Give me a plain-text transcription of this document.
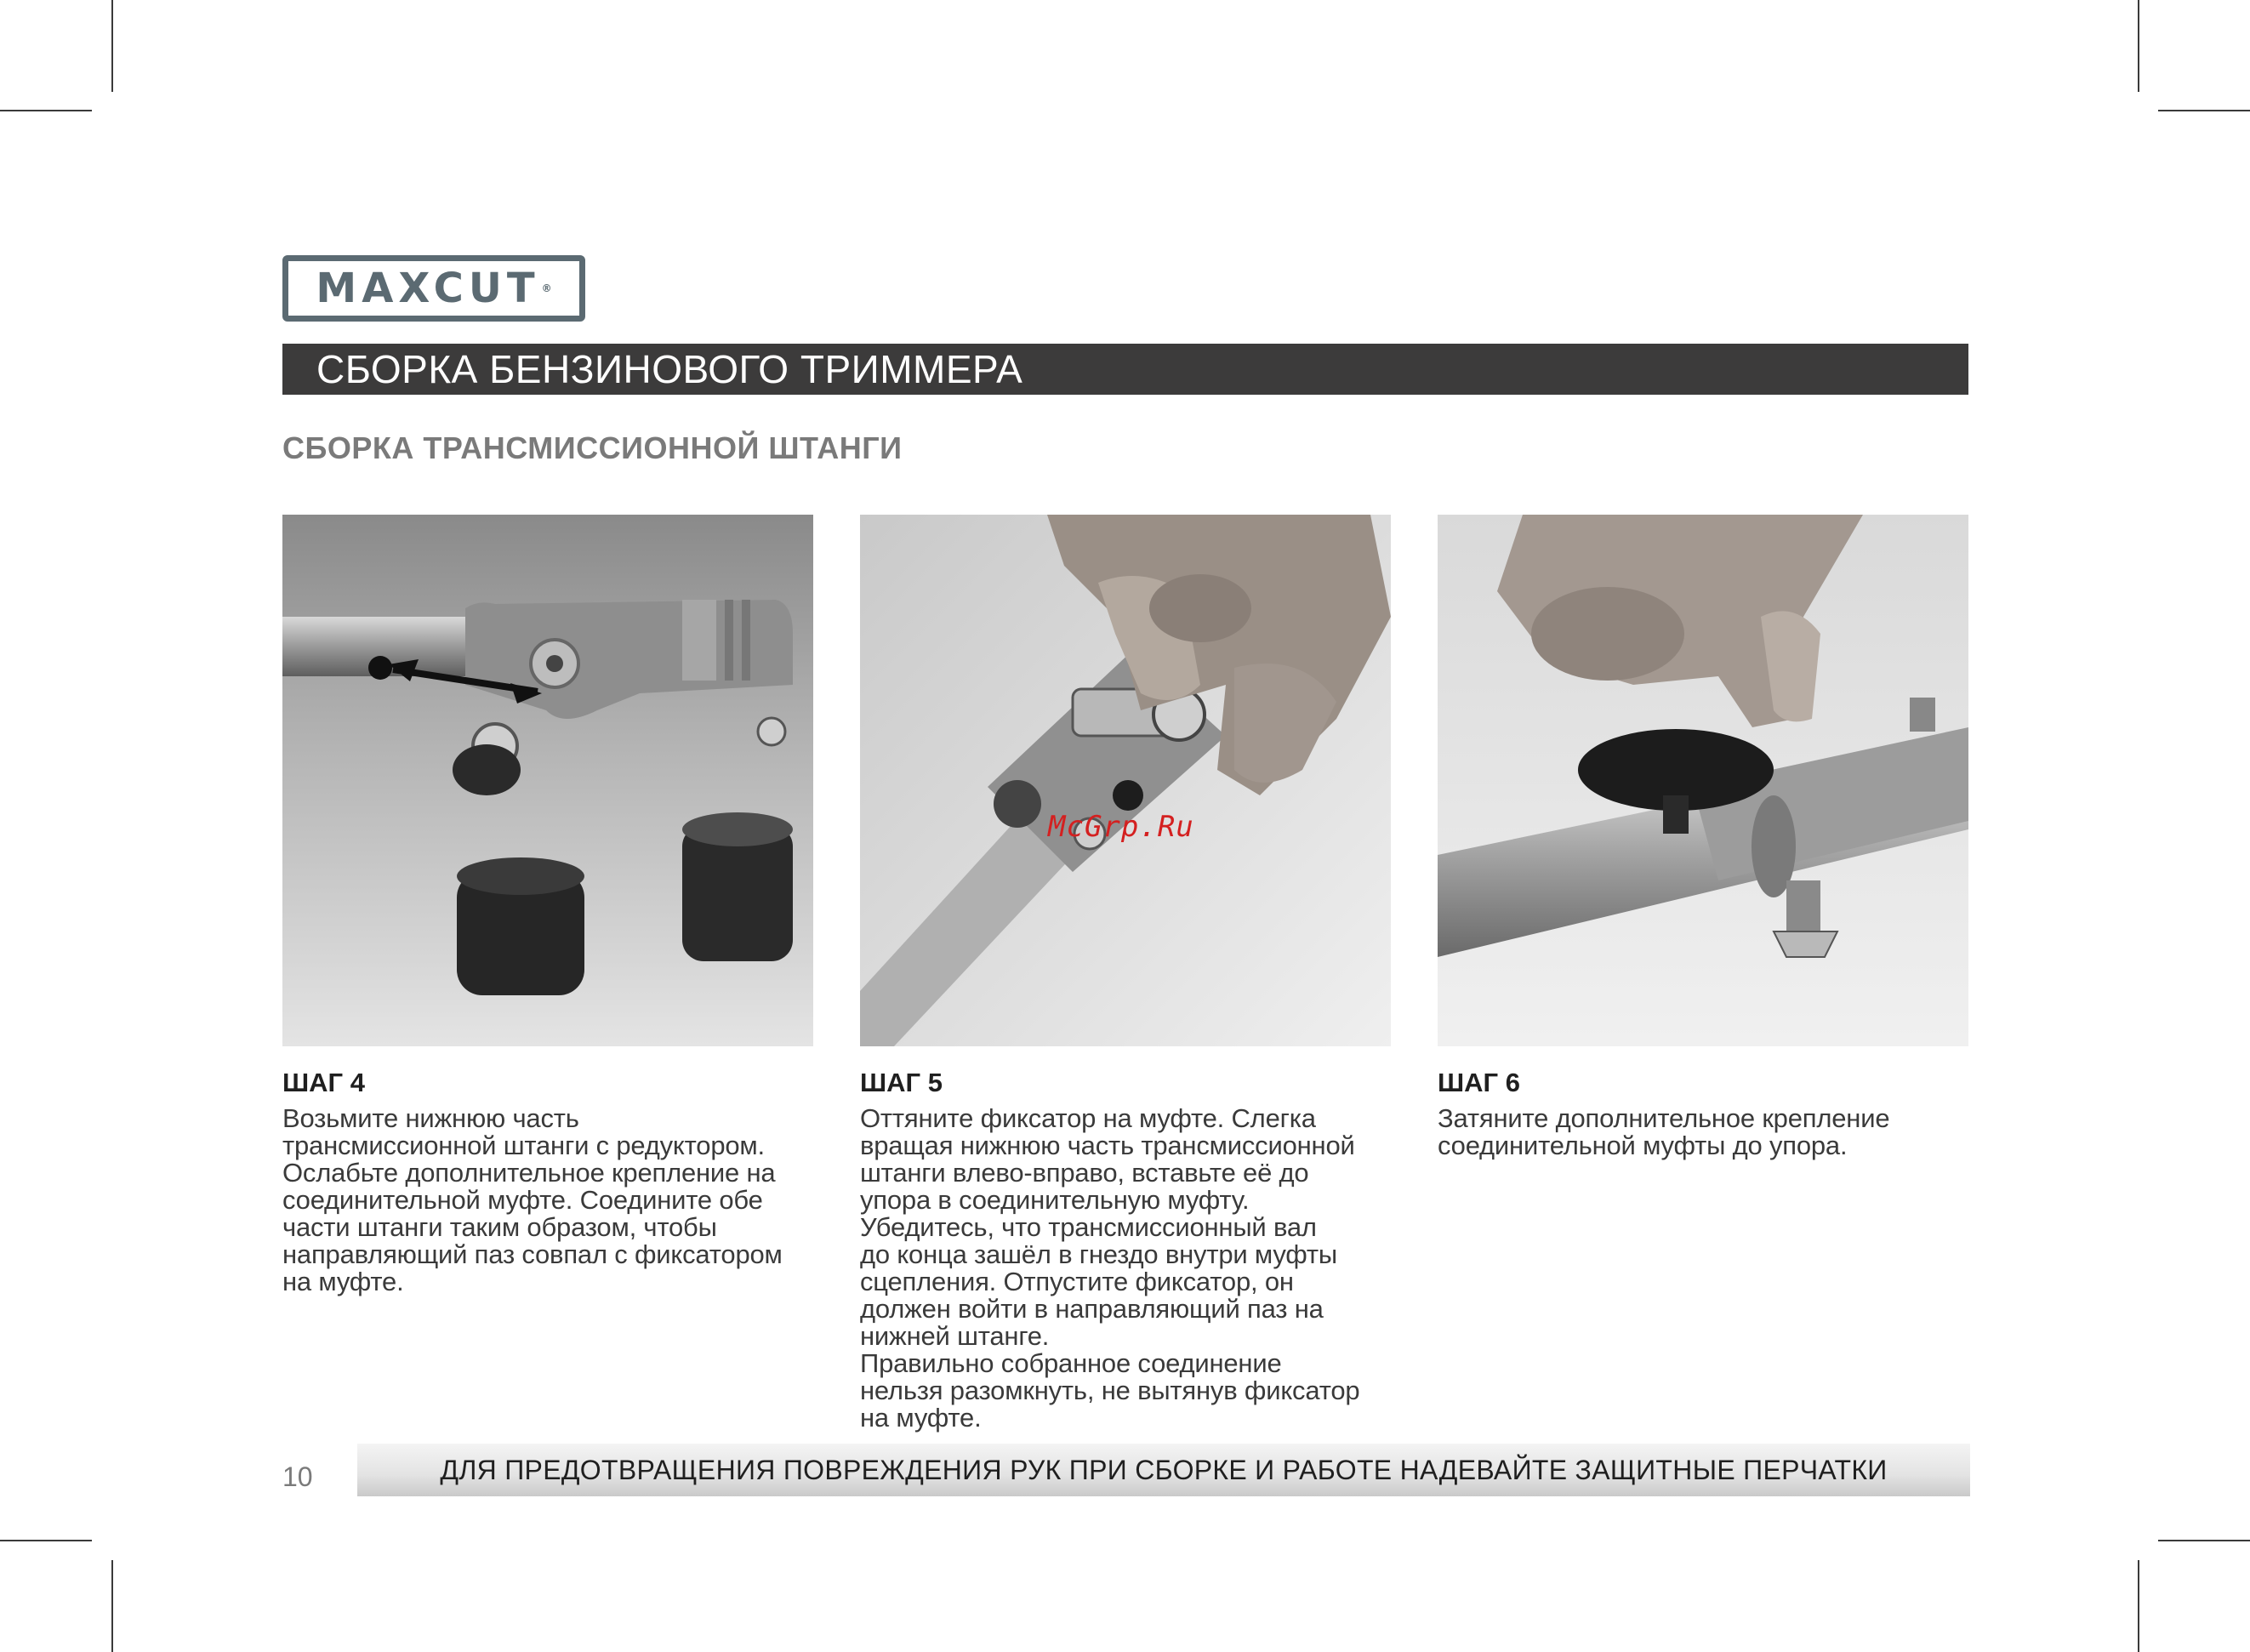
MAXCUT ®
СБОРКА БЕНЗИНОВОГО ТРИММЕРА
СБОРКА ТРАНСМИССИОННОЙ ШТАНГИ
McGrp.Ru
ШАГ 4
Возьмите нижнюю часть
трансмиссионной штанги с редуктором.
Ослабьте дополнительное крепление на
соединительной муфте. Соедините обе
части штанги таким образом, чтобы
направляющий паз совпал с фиксатором
на муфте.
ШАГ 5
Оттяните фиксатор на муфте. Слегка
вращая нижнюю часть трансмиссионной
штанги влево-вправо, вставьте её до
упора в соединительную муфту.
Убедитесь, что трансмиссионный вал
до конца зашёл в гнездо внутри муфты
сцепления. Отпустите фиксатор, он
должен войти в направляющий паз на
нижней штанге.
Правильно собранное соединение
нельзя разомкнуть, не вытянув фиксатор
на муфте.
ШАГ 6
Затяните дополнительное крепление
соединительной муфты до упора.
10	ДЛЯ ПРЕДОТВРАЩЕНИЯ ПОВРЕЖДЕНИЯ РУК ПРИ СБОРКЕ И РАБОТЕ НАДЕВАЙТЕ ЗАЩИТНЫЕ ПЕРЧАТКИ
